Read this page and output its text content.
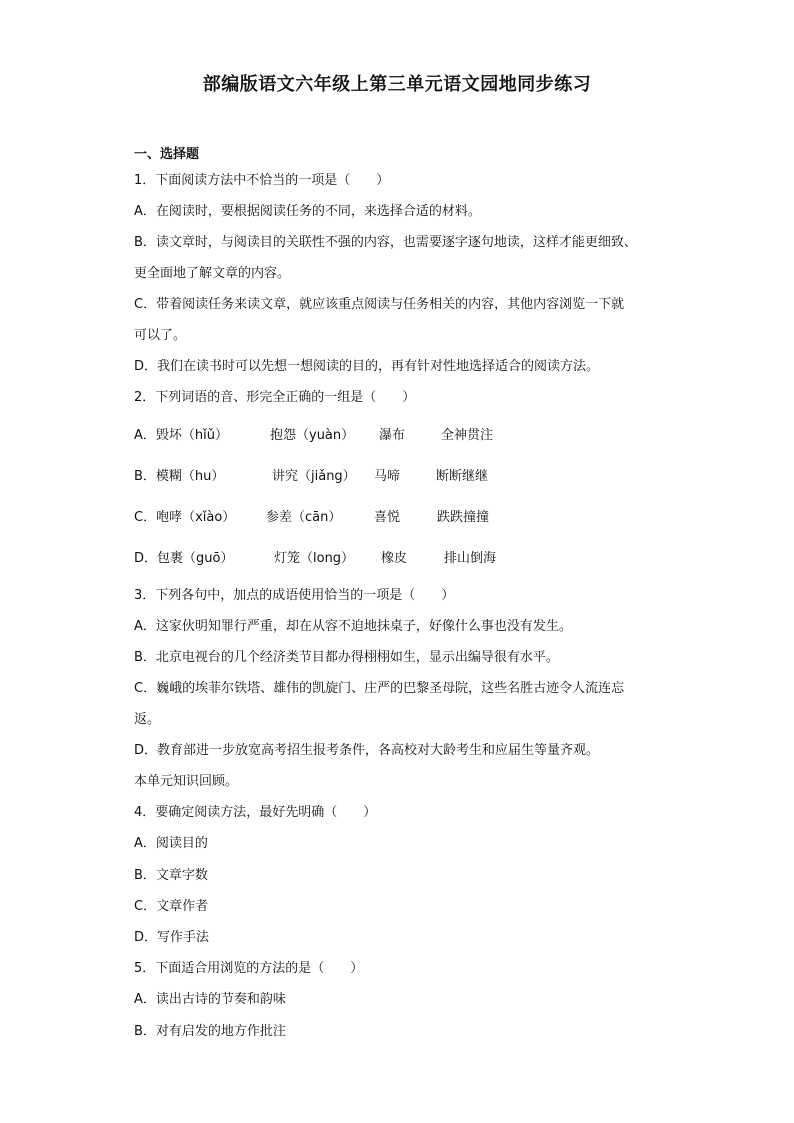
部编版语文六年级上第三单元语文园地同步练习
一、选择题
1．下面阅读方法中不恰当的一项是（　　）
A．在阅读时，要根据阅读任务的不同，来选择合适的材料。
B．读文章时，与阅读目的关联性不强的内容，也需要逐字逐句地读，这样才能更细致、
更全面地了解文章的内容。
C．带着阅读任务来读文章，就应该重点阅读与任务相关的内容，其他内容浏览一下就
可以了。
D．我们在读书时可以先想一想阅读的目的，再有针对性地选择适合的阅读方法。
2．下列词语的音、形完全正确的一组是（　　）
A．毁坏（hǐǔ）	抱怨（yuàn） 瀑布	全神贯注
B．模糊（hu）	讲究（jiǎng） 马啼	断断继继
C．咆哮（xǐào） 参差（cān）	喜悦	跌跌撞撞
D．包裹（guō）	灯笼（long） 橡皮	排山倒海
3．下列各句中，加点的成语使用恰当的一项是（　　）
A．这家伙明知罪行严重，却在从容不迫地抹桌子，好像什么事也没有发生。
B．北京电视台的几个经济类节目都办得栩栩如生，显示出编导很有水平。
C．巍峨的埃菲尔铁塔、雄伟的凯旋门、庄严的巴黎圣母院，这些名胜古迹令人流连忘
返。
D．教育部进一步放宽高考招生报考条件，各高校对大龄考生和应届生等量齐观。
本单元知识回顾。
4．要确定阅读方法，最好先明确（　　）
A．阅读目的
B．文章字数
C．文章作者
D．写作手法
5．下面适合用浏览的方法的是（　　）
A．读出古诗的节奏和韵味
B．对有启发的地方作批注
